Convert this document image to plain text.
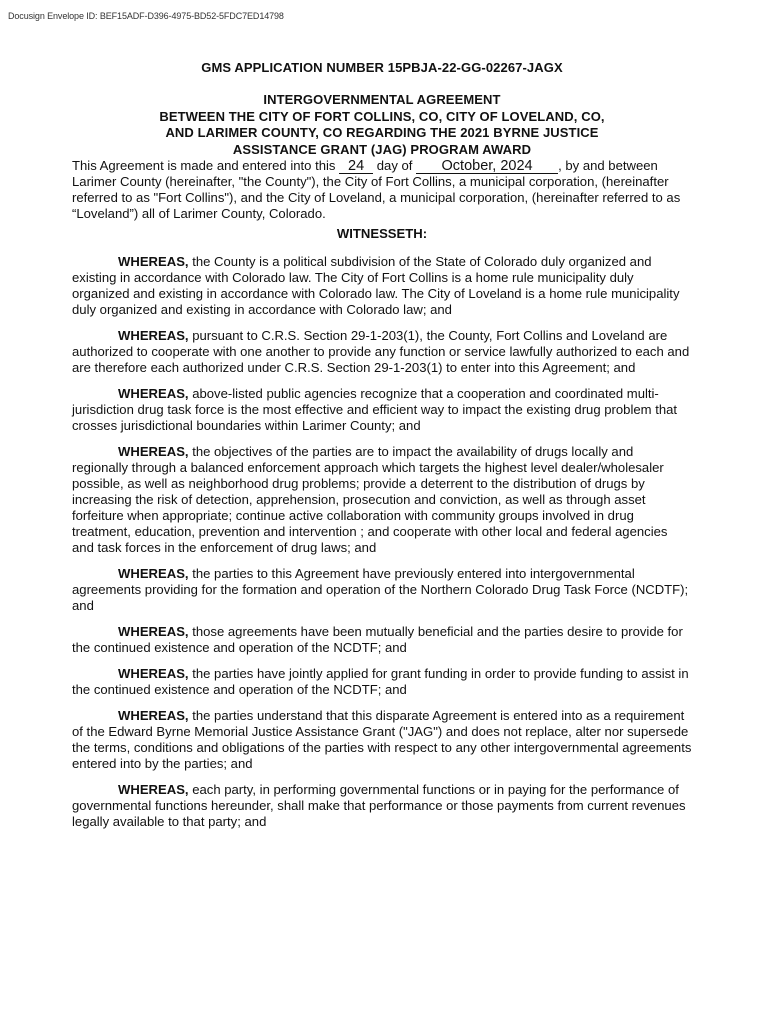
Docusign Envelope ID: BEF15ADF-D396-4975-BD52-5FDC7ED14798
GMS APPLICATION NUMBER 15PBJA-22-GG-02267-JAGX
INTERGOVERNMENTAL AGREEMENT
BETWEEN THE CITY OF FORT COLLINS, CO, CITY OF LOVELAND, CO,
AND LARIMER COUNTY, CO REGARDING THE 2021 BYRNE JUSTICE
ASSISTANCE GRANT (JAG) PROGRAM AWARD

This Agreement is made and entered into this 24 day of October, 2024 , by and between Larimer County (hereinafter, "the County"), the City of Fort Collins, a municipal corporation, (hereinafter referred to as "Fort Collins"), and the City of Loveland, a municipal corporation, (hereinafter referred to as “Loveland”) all of Larimer County, Colorado.

WITNESSETH:

WHEREAS, the County is a political subdivision of the State of Colorado duly organized and existing in accordance with Colorado law. The City of Fort Collins is a home rule municipality duly organized and existing in accordance with Colorado law. The City of Loveland is a home rule municipality duly organized and existing in accordance with Colorado law; and

WHEREAS, pursuant to C.R.S. Section 29-1-203(1), the County, Fort Collins and Loveland are authorized to cooperate with one another to provide any function or service lawfully authorized to each and are therefore each authorized under C.R.S. Section 29-1-203(1) to enter into this Agreement; and

WHEREAS, above-listed public agencies recognize that a cooperation and coordinated multi-jurisdiction drug task force is the most effective and efficient way to impact the existing drug problem that crosses jurisdictional boundaries within Larimer County; and

WHEREAS, the objectives of the parties are to impact the availability of drugs locally and regionally through a balanced enforcement approach which targets the highest level dealer/wholesaler possible, as well as neighborhood drug problems; provide a deterrent to the distribution of drugs by increasing the risk of detection, apprehension, prosecution and conviction, as well as through asset forfeiture when appropriate; continue active collaboration with community groups involved in drug treatment, education, prevention and intervention ; and cooperate with other local and federal agencies and task forces in the enforcement of drug laws; and

WHEREAS, the parties to this Agreement have previously entered into intergovernmental agreements providing for the formation and operation of the Northern Colorado Drug Task Force (NCDTF); and

WHEREAS, those agreements have been mutually beneficial and the parties desire to provide for the continued existence and operation of the NCDTF; and

WHEREAS, the parties have jointly applied for grant funding in order to provide funding to assist in the continued existence and operation of the NCDTF; and

WHEREAS, the parties understand that this disparate Agreement is entered into as a requirement of the Edward Byrne Memorial Justice Assistance Grant ("JAG") and does not replace, alter nor supersede the terms, conditions and obligations of the parties with respect to any other intergovernmental agreements entered into by the parties; and

WHEREAS, each party, in performing governmental functions or in paying for the performance of governmental functions hereunder, shall make that performance or those payments from current revenues legally available to that party; and
